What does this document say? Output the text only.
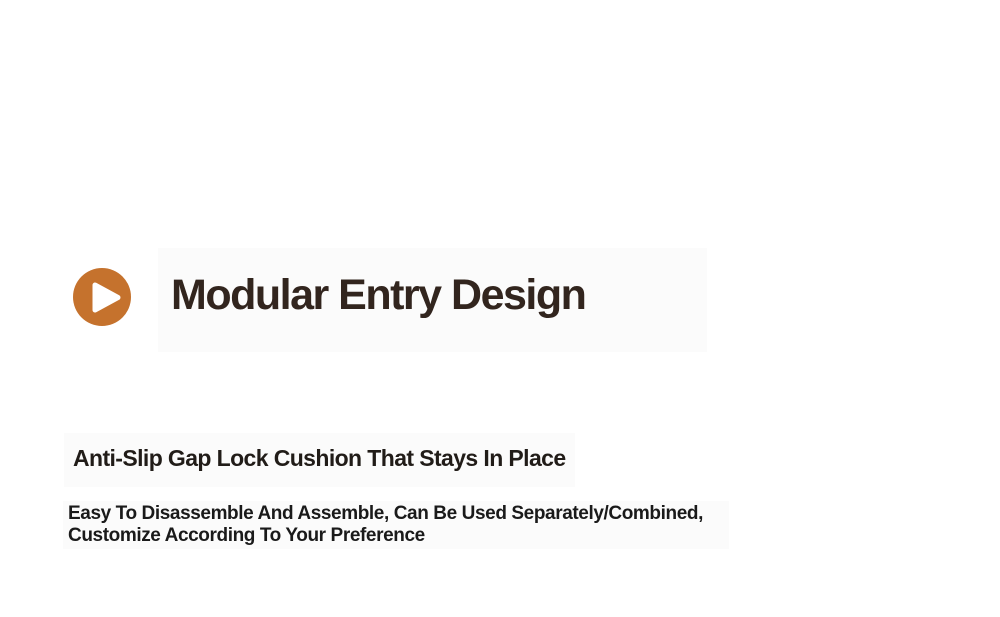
Modular Entry Design
Anti-Slip Gap Lock Cushion That Stays In Place
Easy To Disassemble And Assemble, Can Be Used Separately/Combined,
Customize According To Your Preference
